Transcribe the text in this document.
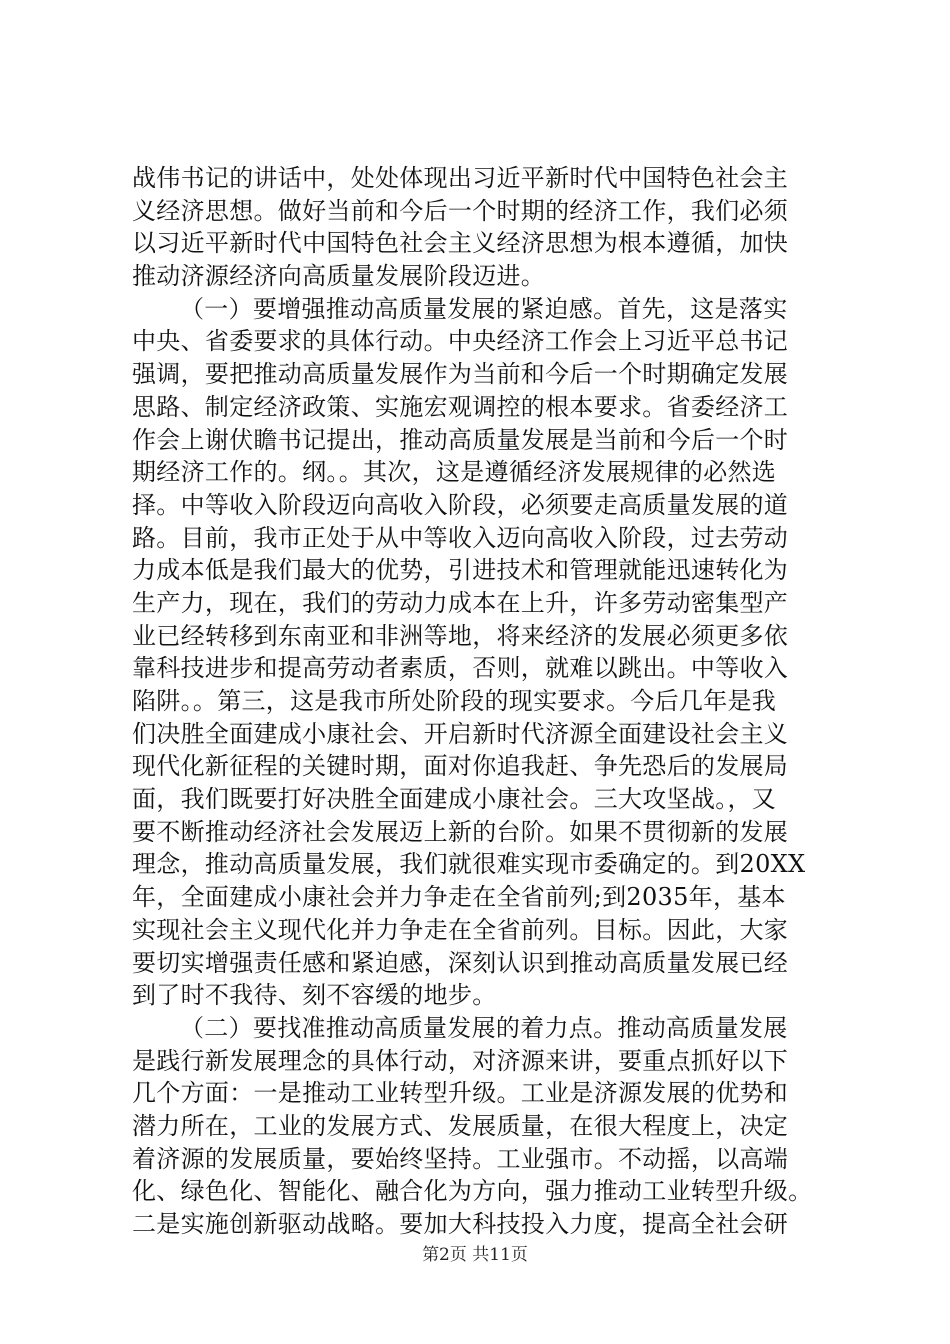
战伟书记的讲话中，处处体现出习近平新时代中国特色社会主
义经济思想。做好当前和今后一个时期的经济工作，我们必须
以习近平新时代中国特色社会主义经济思想为根本遵循，加快
推动济源经济向高质量发展阶段迈进。
（一）要增强推动高质量发展的紧迫感。首先，这是落实
中央、省委要求的具体行动。中央经济工作会上习近平总书记
强调，要把推动高质量发展作为当前和今后一个时期确定发展
思路、制定经济政策、实施宏观调控的根本要求。省委经济工
作会上谢伏瞻书记提出，推动高质量发展是当前和今后一个时
期经济工作的。纲。。其次，这是遵循经济发展规律的必然选
择。中等收入阶段迈向高收入阶段，必须要走高质量发展的道
路。目前，我市正处于从中等收入迈向高收入阶段，过去劳动
力成本低是我们最大的优势，引进技术和管理就能迅速转化为
生产力，现在，我们的劳动力成本在上升，许多劳动密集型产
业已经转移到东南亚和非洲等地，将来经济的发展必须更多依
靠科技进步和提高劳动者素质，否则，就难以跳出。中等收入
陷阱。。第三，这是我市所处阶段的现实要求。今后几年是我
们决胜全面建成小康社会、开启新时代济源全面建设社会主义
现代化新征程的关键时期，面对你追我赶、争先恐后的发展局
面，我们既要打好决胜全面建成小康社会。三大攻坚战。，又
要不断推动经济社会发展迈上新的台阶。如果不贯彻新的发展
理念，推动高质量发展，我们就很难实现市委确定的。到20XX
年，全面建成小康社会并力争走在全省前列;到2035年，基本
实现社会主义现代化并力争走在全省前列。目标。因此，大家
要切实增强责任感和紧迫感，深刻认识到推动高质量发展已经
到了时不我待、刻不容缓的地步。
（二）要找准推动高质量发展的着力点。推动高质量发展
是践行新发展理念的具体行动，对济源来讲，要重点抓好以下
几个方面：一是推动工业转型升级。工业是济源发展的优势和
潜力所在，工业的发展方式、发展质量，在很大程度上，决定
着济源的发展质量，要始终坚持。工业强市。不动摇，以高端
化、绿色化、智能化、融合化为方向，强力推动工业转型升级。
二是实施创新驱动战略。要加大科技投入力度，提高全社会研
第2页 共11页
